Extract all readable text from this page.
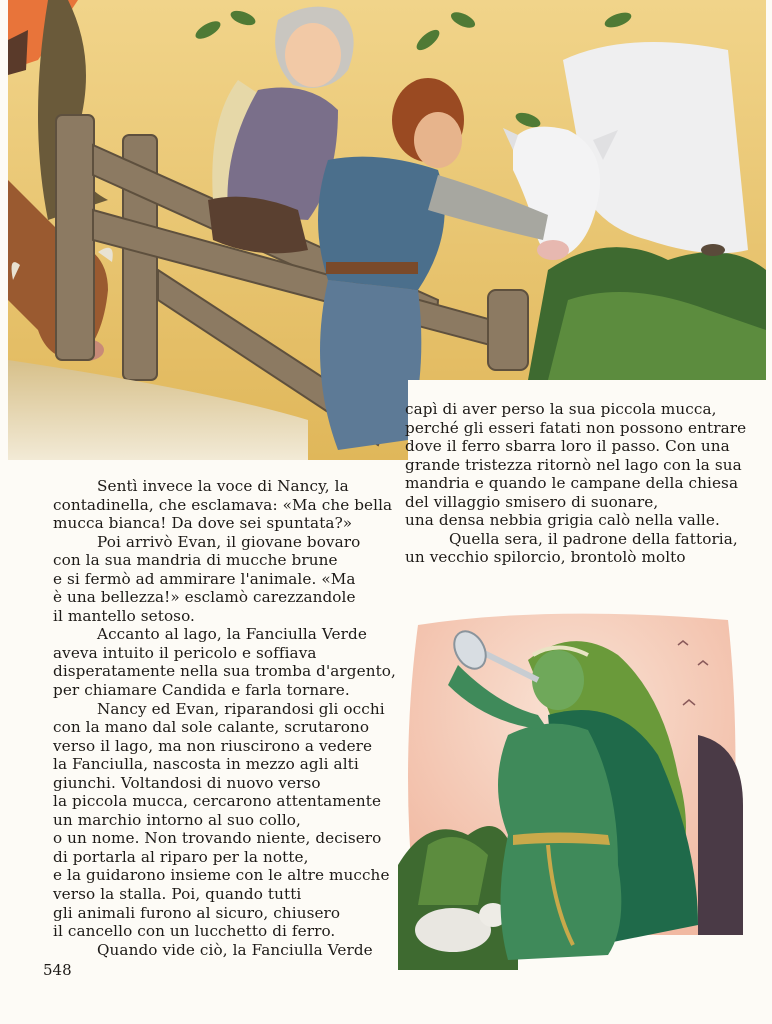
Sentì invece la voce di Nancy, la
contadinella, che esclamava: «Ma che bella
mucca bianca! Da dove sei spuntata?»
Poi arrivò Evan, il giovane bovaro
con la sua mandria di mucche brune
e si fermò ad ammirare l'animale. «Ma
è una bellezza!» esclamò carezzandole
il mantello setoso.
Accanto al lago, la Fanciulla Verde
aveva intuito il pericolo e soffiava
disperatamente nella sua tromba d'argento,
per chiamare Candida e farla tornare.
Nancy ed Evan, riparandosi gli occhi
con la mano dal sole calante, scrutarono
verso il lago, ma non riuscirono a vedere
la Fanciulla, nascosta in mezzo agli alti
giunchi. Voltandosi di nuovo verso
la piccola mucca, cercarono attentamente
un marchio intorno al suo collo,
o un nome. Non trovando niente, decisero
di portarla al riparo per la notte,
e la guidarono insieme con le altre mucche
verso la stalla. Poi, quando tutti
gli animali furono al sicuro, chiusero
il cancello con un lucchetto di ferro.
Quando vide ciò, la Fanciulla Verde
capì di aver perso la sua piccola mucca,
perché gli esseri fatati non possono entrare
dove il ferro sbarra loro il passo. Con una
grande tristezza ritornò nel lago con la sua
mandria e quando le campane della chiesa
del villaggio smisero di suonare,
una densa nebbia grigia calò nella valle.
Quella sera, il padrone della fattoria,
un vecchio spilorcio, brontolò molto
548
